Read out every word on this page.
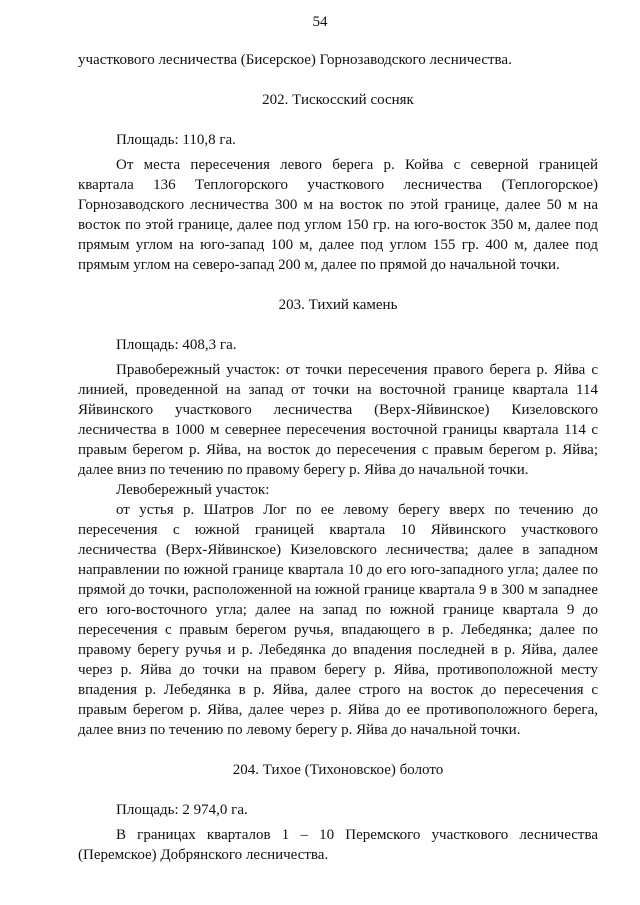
54

участкового лесничества (Бисерское) Горнозаводского лесничества.

202. Тискосский сосняк

Площадь: 110,8 га.

От места пересечения левого берега р. Койва с северной границей квартала 136 Теплогорского участкового лесничества (Теплогорское) Горнозаводского лесничества 300 м на восток по этой границе, далее 50 м на восток по этой границе, далее под углом 150 гр. на юго-восток 350 м, далее под прямым углом на юго-запад 100 м, далее под углом 155 гр. 400 м, далее под прямым углом на северо-запад 200 м, далее по прямой до начальной точки.

203. Тихий камень

Площадь: 408,3 га.

Правобережный участок: от точки пересечения правого берега р. Яйва с линией, проведенной на запад от точки на восточной границе квартала 114 Яйвинского участкового лесничества (Верх-Яйвинское) Кизеловского лесничества в 1000 м севернее пересечения восточной границы квартала 114 с правым берегом р. Яйва, на восток до пересечения с правым берегом р. Яйва; далее вниз по течению по правому берегу р. Яйва до начальной точки.

Левобережный участок:

от устья р. Шатров Лог по ее левому берегу вверх по течению до пересечения с южной границей квартала 10 Яйвинского участкового лесничества (Верх-Яйвинское) Кизеловского лесничества; далее в западном направлении по южной границе квартала 10 до его юго-западного угла; далее по прямой до точки, расположенной на южной границе квартала 9 в 300 м западнее его юго-восточного угла; далее на запад по южной границе квартала 9 до пересечения с правым берегом ручья, впадающего в р. Лебедянка; далее по правому берегу ручья и р. Лебедянка до впадения последней в р. Яйва, далее через р. Яйва до точки на правом берегу р. Яйва, противоположной месту впадения р. Лебедянка в р. Яйва, далее строго на восток до пересечения с правым берегом р. Яйва, далее через р. Яйва до ее противоположного берега, далее вниз по течению по левому берегу р. Яйва до начальной точки.

204. Тихое (Тихоновское) болото

Площадь: 2 974,0 га.

В границах кварталов 1 – 10 Перемского участкового лесничества (Перемское) Добрянского лесничества.
